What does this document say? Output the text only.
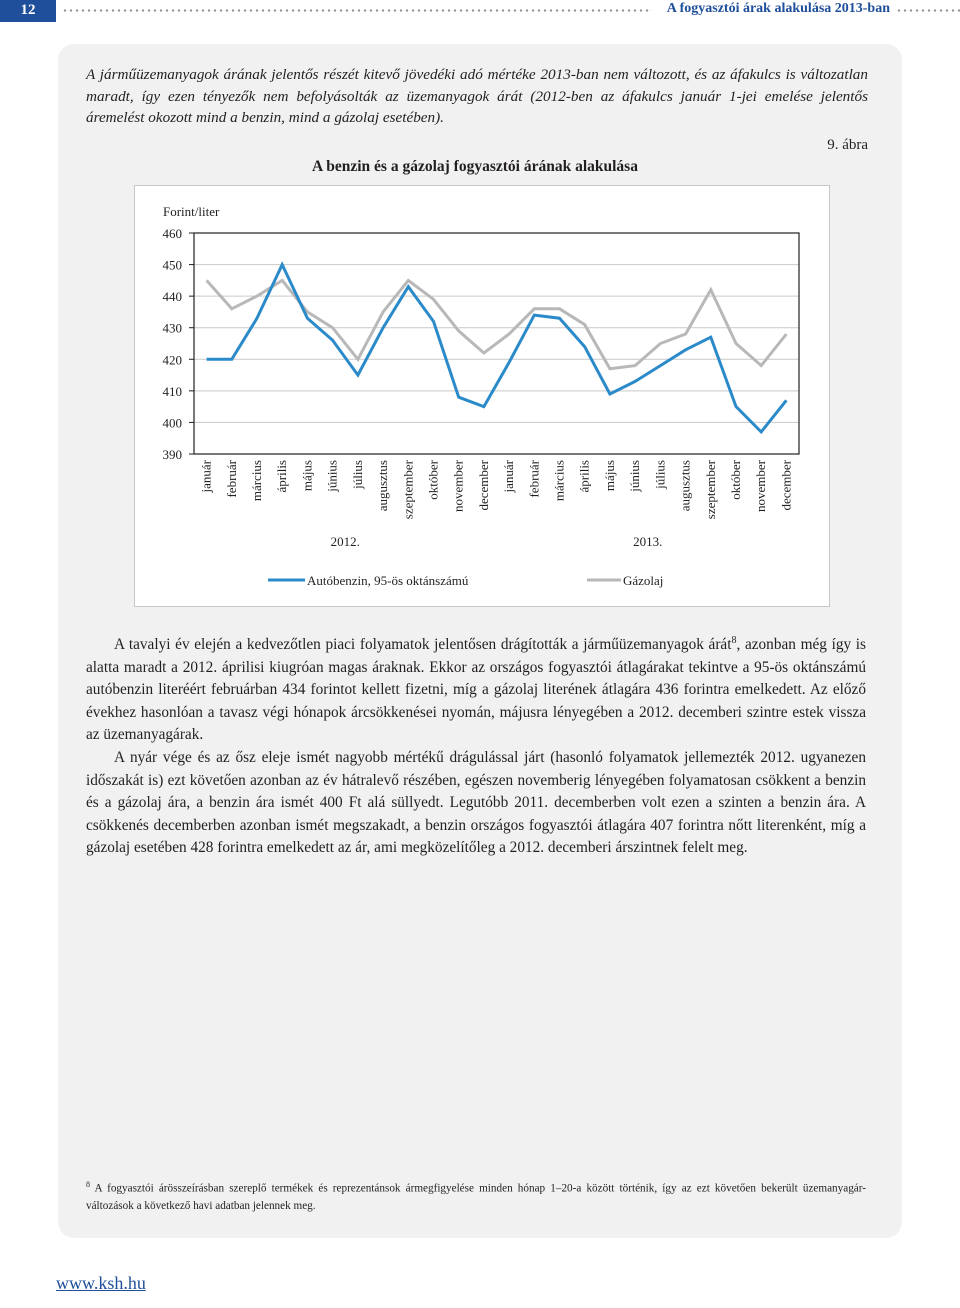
12	A fogyasztói árak alakulása 2013-ban
A járműüzemanyagok árának jelentős részét kitevő jövedéki adó mértéke 2013-ban nem változott, és az áfakulcs is változatlan maradt, így ezen tényezők nem befolyásolták az üzemanyagok árát (2012-ben az áfakulcs január 1-jei emelése jelentős áremelést okozott mind a benzin, mind a gázolaj esetében).
9. ábra
A benzin és a gázolaj fogyasztói árának alakulása
460
450
440
430
420
410
400
390
Forint/liter
január február március április május június július augusztus szeptember október november december január február március április május június július augusztus szeptember október november december
2012.	2013.
Autóbenzin, 95-ös oktánszámú	Gázolaj

A tavalyi év elején a kedvezőtlen piaci folyamatok jelentősen drágították a járműüzemanyagok árát$^8$, azonban még így is alatta maradt a 2012. áprilisi kiugróan magas áraknak. Ekkor az országos fogyasztói átlagárakat tekintve a 95-ös oktánszámú autóbenzin literéért februárban 434 forintot kellett fizetni, míg a gázolaj literének átlagára 436 forintra emelkedett. Az előző évekhez hasonlóan a tavasz végi hónapok árcsökkenései nyomán, májusra lényegében a 2012. decemberi szintre estek vissza az üzemanyagárak.

A nyár vége és az ősz eleje ismét nagyobb mértékű drágulással járt (hasonló folyamatok jellemezték 2012. ugyanezen időszakát is) ezt követően azonban az év hátralevő részében, egészen novemberig lényegében folyamatosan csökkent a benzin és a gázolaj ára, a benzin ára ismét 400 Ft alá süllyedt. Legutóbb 2011. decemberben volt ezen a szinten a benzin ára. A csökkenés decemberben azonban ismét megszakadt, a benzin országos fogyasztói átlagára 407 forintra nőtt literenként, míg a gázolaj esetében 428 forintra emelkedett az ár, ami megközelítőleg a 2012. decemberi árszintnek felelt meg.

$^8$ A fogyasztói árösszeírásban szereplő termékek és reprezentánsok ármegfigyelése minden hónap 1–20-a között történik, így az ezt követően bekerült üzemanyagár-változások a következő havi adatban jelennek meg.
www.ksh.hu
